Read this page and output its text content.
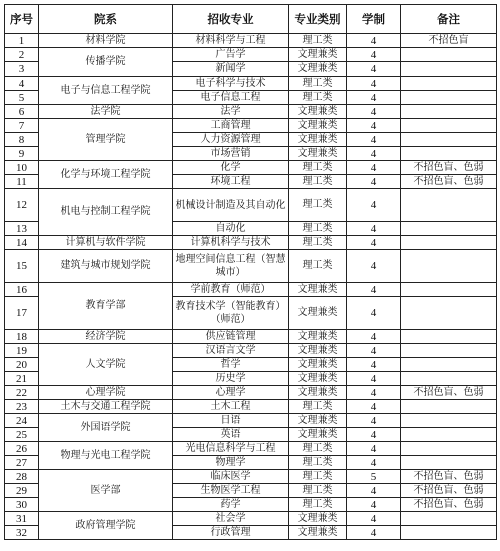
序号	院系	招收专业	专业类别	学制	备注
1	材料学院	材料科学与工程	理工类	4	不招色盲
2	传播学院	广告学	文理兼类	4	
3		新闻学	文理兼类	4	
4	电子与信息工程学院	电子科学与技术	理工类	4	
5		电子信息工程	理工类	4	
6	法学院	法学	文理兼类	4	
7	管理学院	工商管理	文理兼类	4	
8		人力资源管理	文理兼类	4	
9		市场营销	文理兼类	4	
10	化学与环境工程学院	化学	理工类	4	不招色盲、色弱
11		环境工程	理工类	4	不招色盲、色弱
12	机电与控制工程学院	机械设计制造及其自动化	理工类	4	
13		自动化	理工类	4	
14	计算机与软件学院	计算机科学与技术	理工类	4	
15	建筑与城市规划学院	地理空间信息工程（智慧城市）	理工类	4	
16	教育学部	学前教育（师范）	文理兼类	4	
17		教育技术学（智能教育）（师范）	文理兼类	4	
18	经济学院	供应链管理	文理兼类	4	
19	人文学院	汉语言文学	文理兼类	4	
20		哲学	文理兼类	4	
21		历史学	文理兼类	4	
22	心理学院	心理学	文理兼类	4	不招色盲、色弱
23	土木与交通工程学院	土木工程	理工类	4	
24	外国语学院	日语	文理兼类	4	
25		英语	文理兼类	4	
26	物理与光电工程学院	光电信息科学与工程	理工类	4	
27		物理学	理工类	4	
28	医学部	临床医学	理工类	5	不招色盲、色弱
29		生物医学工程	理工类	4	不招色盲、色弱
30		药学	理工类	4	不招色盲、色弱
31	政府管理学院	社会学	文理兼类	4	
32		行政管理	文理兼类	4	
